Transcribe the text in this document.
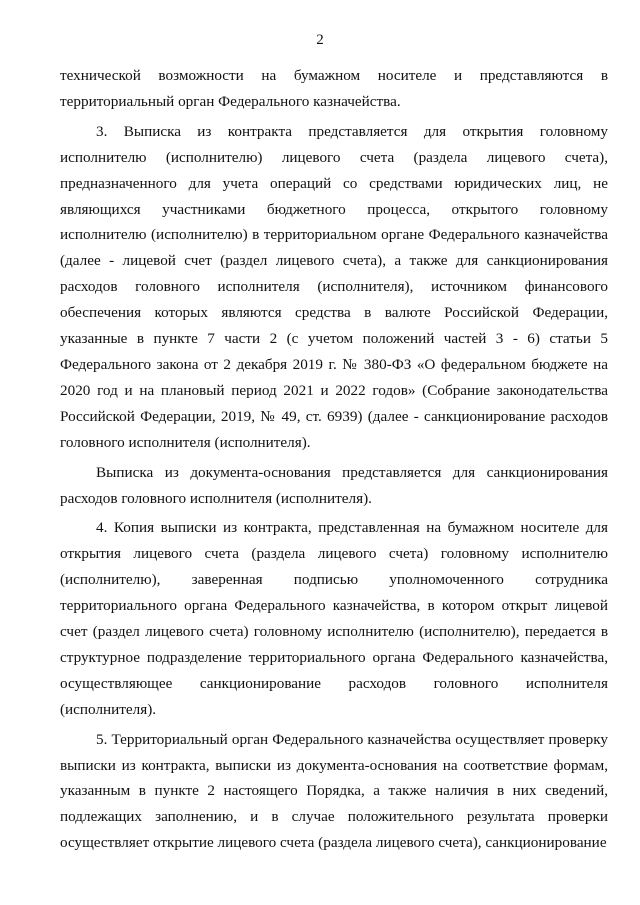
2

технической возможности на бумажном носителе и представляются в территориальный орган Федерального казначейства.

3. Выписка из контракта представляется для открытия головному исполнителю (исполнителю) лицевого счета (раздела лицевого счета), предназначенного для учета операций со средствами юридических лиц, не являющихся участниками бюджетного процесса, открытого головному исполнителю (исполнителю) в территориальном органе Федерального казначейства (далее - лицевой счет (раздел лицевого счета), а также для санкционирования расходов головного исполнителя (исполнителя), источником финансового обеспечения которых являются средства в валюте Российской Федерации, указанные в пункте 7 части 2 (с учетом положений частей 3 - 6) статьи 5 Федерального закона от 2 декабря 2019 г. № 380-ФЗ «О федеральном бюджете на 2020 год и на плановый период 2021 и 2022 годов» (Собрание законодательства Российской Федерации, 2019, № 49, ст. 6939) (далее - санкционирование расходов головного исполнителя (исполнителя).

Выписка из документа-основания представляется для санкционирования расходов головного исполнителя (исполнителя).

4. Копия выписки из контракта, представленная на бумажном носителе для открытия лицевого счета (раздела лицевого счета) головному исполнителю (исполнителю), заверенная подписью уполномоченного сотрудника территориального органа Федерального казначейства, в котором открыт лицевой счет (раздел лицевого счета) головному исполнителю (исполнителю), передается в структурное подразделение территориального органа Федерального казначейства, осуществляющее санкционирование расходов головного исполнителя (исполнителя).

5. Территориальный орган Федерального казначейства осуществляет проверку выписки из контракта, выписки из документа-основания на соответствие формам, указанным в пункте 2 настоящего Порядка, а также наличия в них сведений, подлежащих заполнению, и в случае положительного результата проверки осуществляет открытие лицевого счета (раздела лицевого счета), санкционирование
